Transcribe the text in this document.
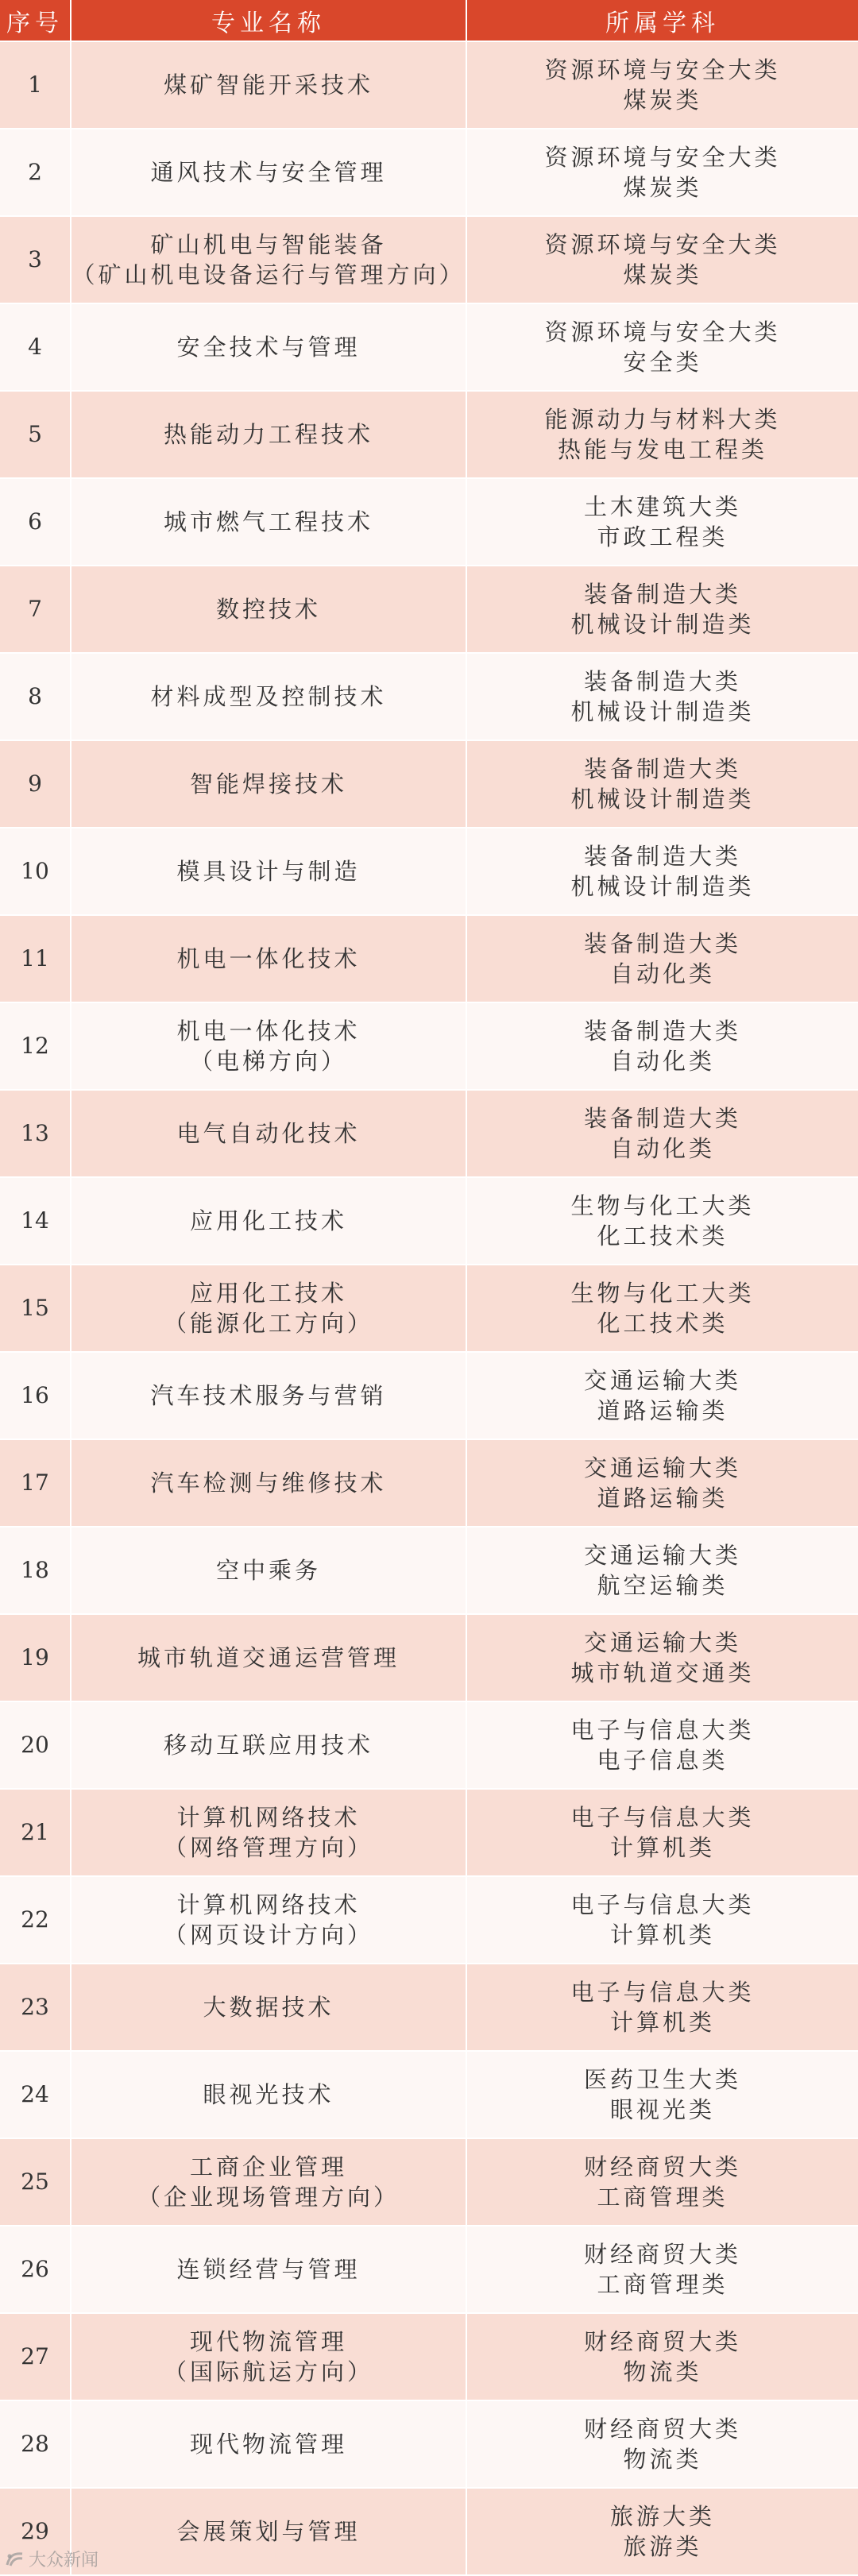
序号	专业名称	所属学科
1	煤矿智能开采技术	资源环境与安全大类
煤炭类

2	通风技术与安全管理	资源环境与安全大类
煤炭类

3	矿山机电与智能装备
（矿山机电设备运行与管理方向）	资源环境与安全大类
煤炭类

4	安全技术与管理	资源环境与安全大类
安全类

5	热能动力工程技术	能源动力与材料大类
热能与发电工程类

6	城市燃气工程技术	土木建筑大类
市政工程类

7	数控技术	装备制造大类
机械设计制造类

8	材料成型及控制技术	装备制造大类
机械设计制造类

9	智能焊接技术	装备制造大类
机械设计制造类

10	模具设计与制造	装备制造大类
机械设计制造类

11	机电一体化技术	装备制造大类
自动化类

12	机电一体化技术
（电梯方向）	装备制造大类
自动化类

13	电气自动化技术	装备制造大类
自动化类

14	应用化工技术	生物与化工大类
化工技术类

15	应用化工技术
（能源化工方向）	生物与化工大类
化工技术类

16	汽车技术服务与营销	交通运输大类
道路运输类

17	汽车检测与维修技术	交通运输大类
道路运输类

18	空中乘务	交通运输大类
航空运输类

19	城市轨道交通运营管理	交通运输大类
城市轨道交通类

20	移动互联应用技术	电子与信息大类
电子信息类

21	计算机网络技术
（网络管理方向）	电子与信息大类
计算机类

22	计算机网络技术
（网页设计方向）	电子与信息大类
计算机类

23	大数据技术	电子与信息大类
计算机类

24	眼视光技术	医药卫生大类
眼视光类

25	工商企业管理
（企业现场管理方向）	财经商贸大类
工商管理类

26	连锁经营与管理	财经商贸大类
工商管理类

27	现代物流管理
（国际航运方向）	财经商贸大类
物流类

28	现代物流管理	财经商贸大类
物流类

29	会展策划与管理	旅游大类
旅游类
大众新闻
